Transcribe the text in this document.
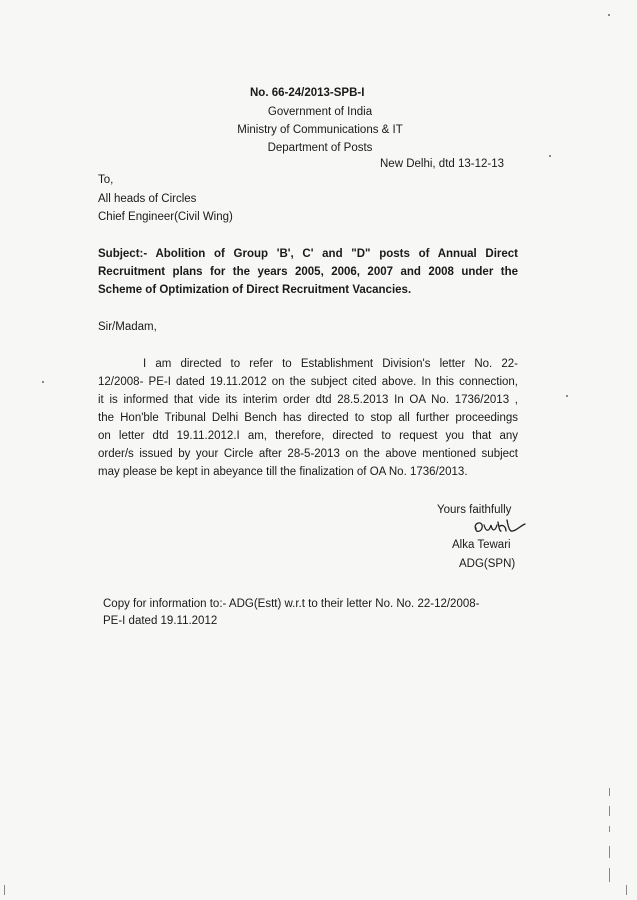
No. 66-24/2013-SPB-I
Government of India
Ministry of Communications & IT
Department of Posts
New Delhi, dtd 13-12-13
To,
All heads of Circles
Chief Engineer(Civil Wing)
Subject:- Abolition of Group 'B', C' and "D" posts of Annual Direct
Recruitment plans for the years 2005, 2006, 2007 and 2008 under the
Scheme of Optimization of Direct Recruitment Vacancies.
Sir/Madam,
I am directed to refer to Establishment Division's letter No. 22-
12/2008- PE-I dated 19.11.2012 on the subject cited above. In this connection,
it is informed that vide its interim order dtd 28.5.2013 In OA No. 1736/2013 ,
the Hon'ble Tribunal Delhi Bench has directed to stop all further proceedings
on letter dtd 19.11.2012.I am, therefore, directed to request you that any
order/s issued by your Circle after 28-5-2013 on the above mentioned subject
may please be kept in abeyance till the finalization of OA No. 1736/2013.
Yours faithfully
Alka Tewari
ADG(SPN)
Copy for information to:- ADG(Estt) w.r.t to their letter No. No. 22-12/2008-
PE-I dated 19.11.2012
